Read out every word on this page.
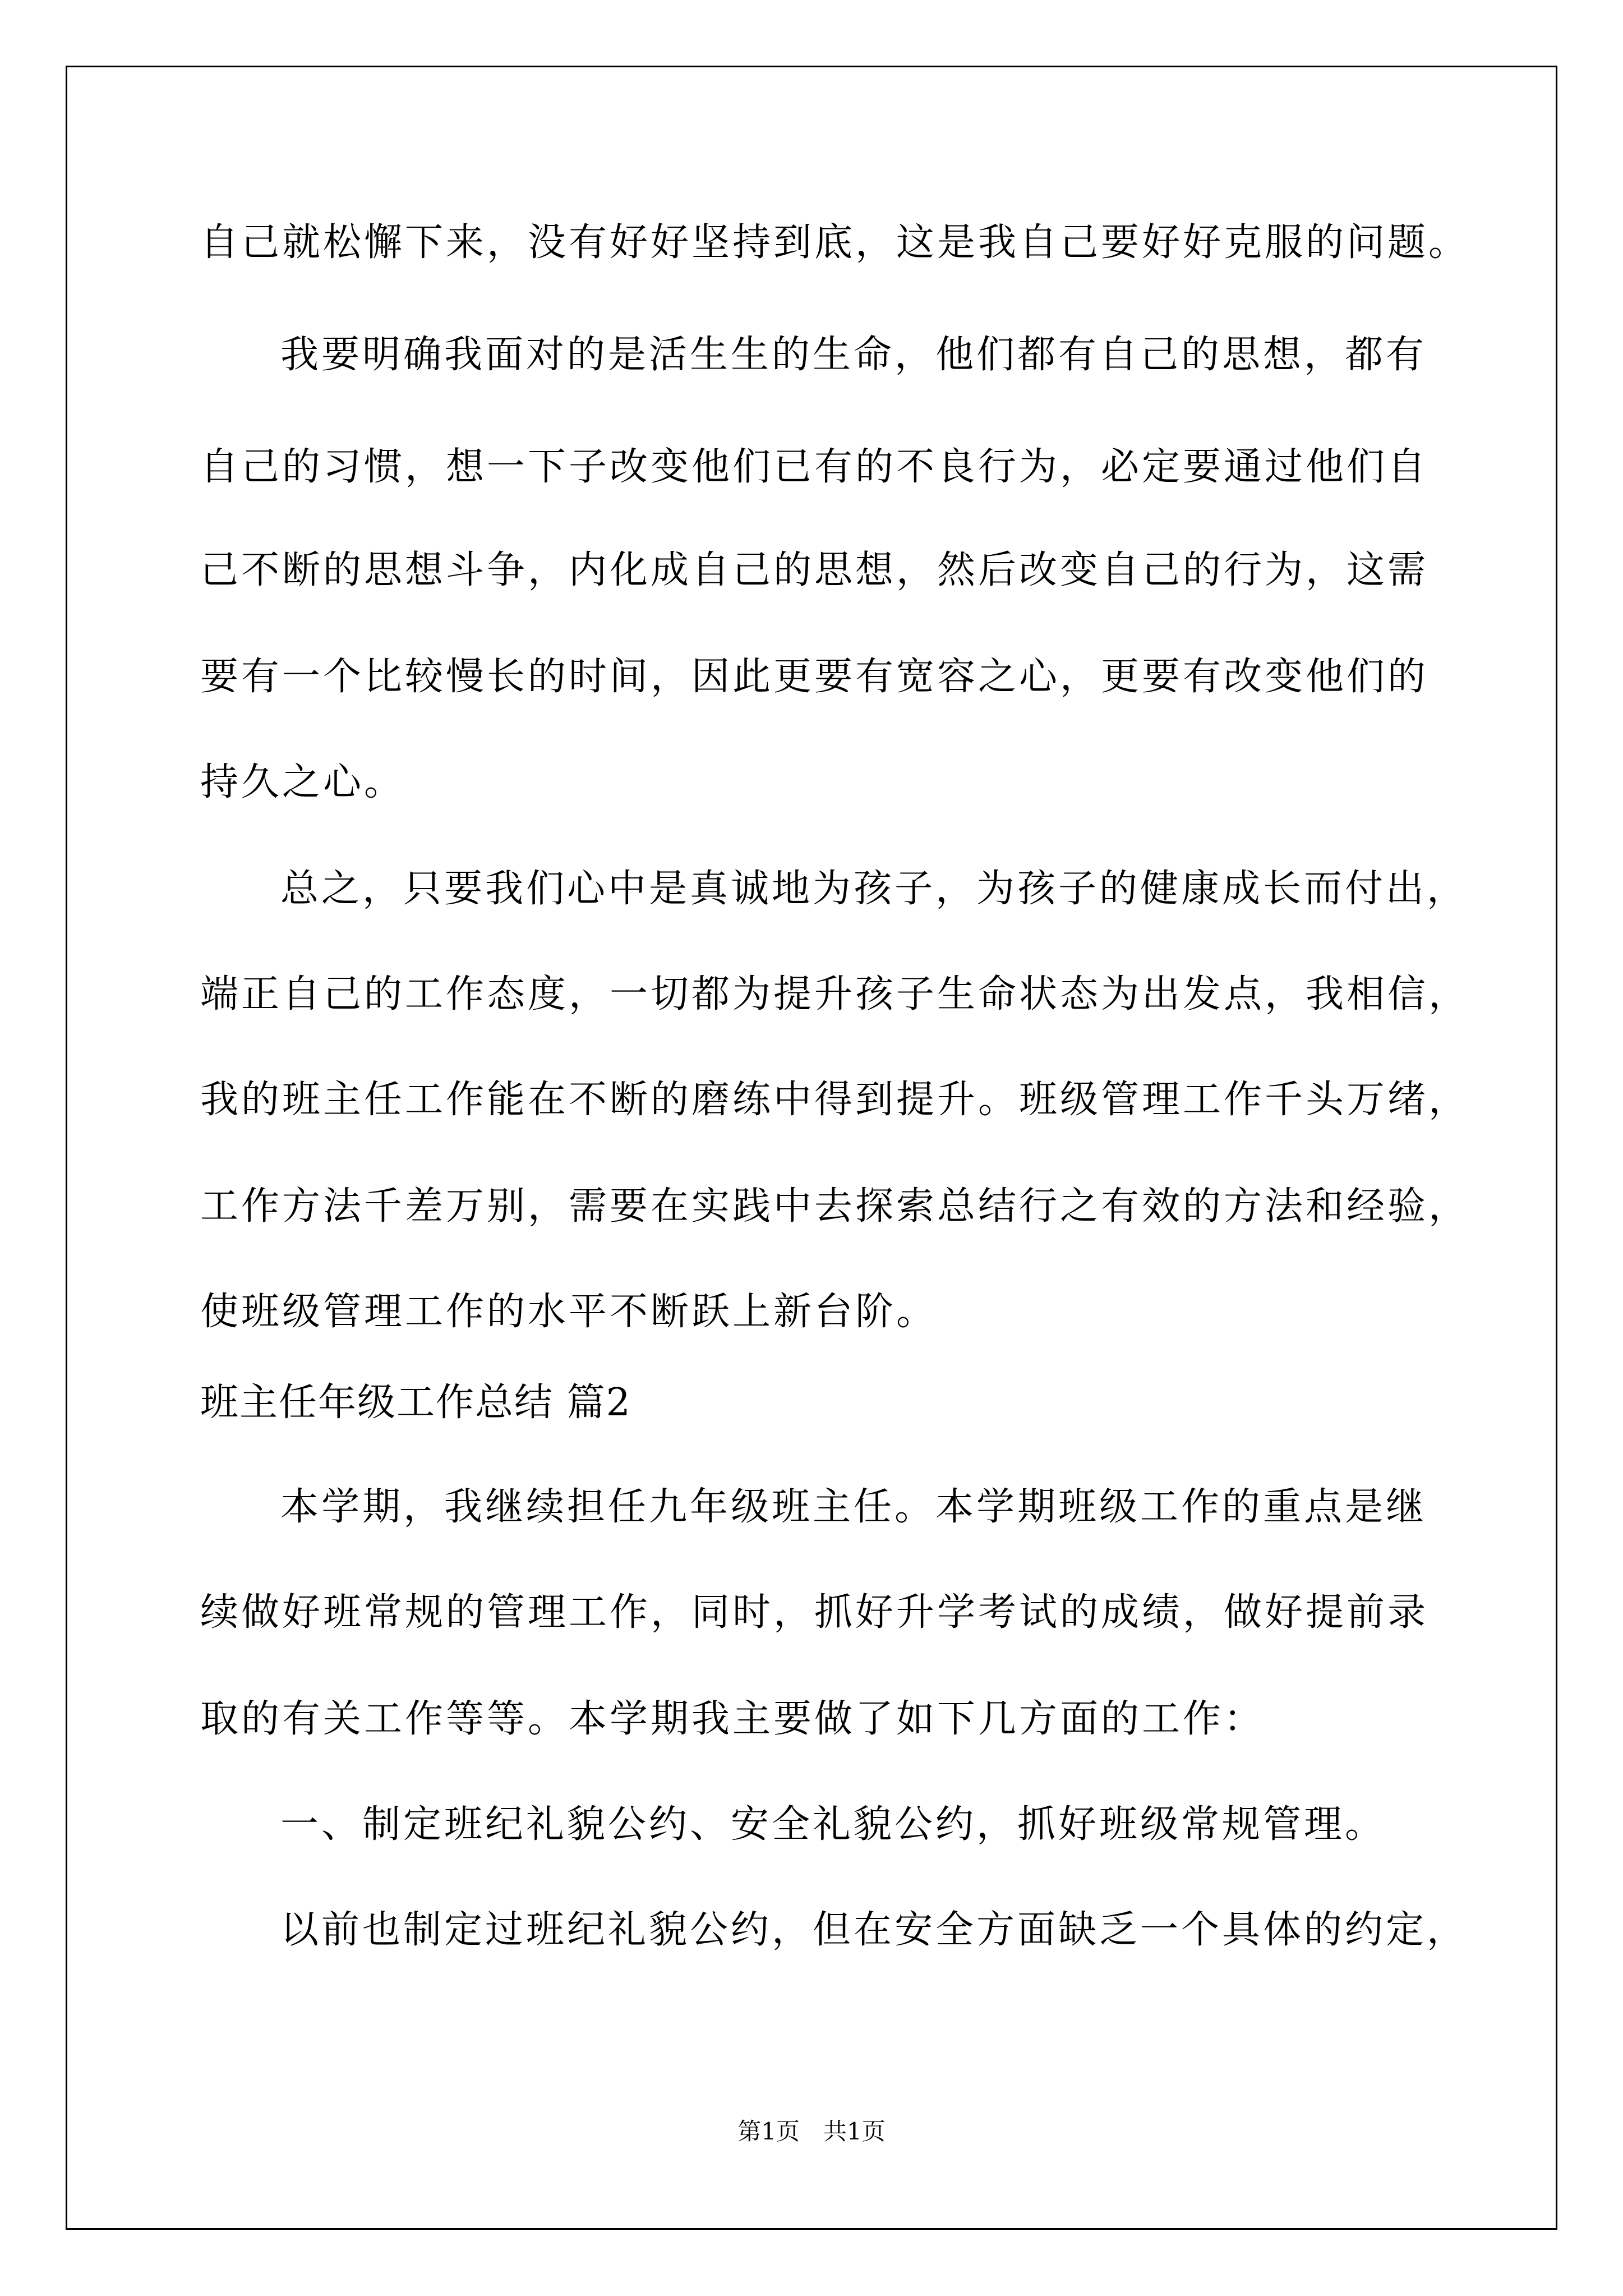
自己就松懈下来，没有好好坚持到底，这是我自己要好好克服的问题。
我要明确我面对的是活生生的生命，他们都有自己的思想，都有
自己的习惯，想一下子改变他们已有的不良行为，必定要通过他们自
己不断的思想斗争，内化成自己的思想，然后改变自己的行为，这需
要有一个比较慢长的时间，因此更要有宽容之心，更要有改变他们的
持久之心。
总之，只要我们心中是真诚地为孩子，为孩子的健康成长而付出，
端正自己的工作态度，一切都为提升孩子生命状态为出发点，我相信，
我的班主任工作能在不断的磨练中得到提升。班级管理工作千头万绪，
工作方法千差万别，需要在实践中去探索总结行之有效的方法和经验，
使班级管理工作的水平不断跃上新台阶。
班主任年级工作总结 篇2
本学期，我继续担任九年级班主任。本学期班级工作的重点是继
续做好班常规的管理工作，同时，抓好升学考试的成绩，做好提前录
取的有关工作等等。本学期我主要做了如下几方面的工作：
一、制定班纪礼貌公约、安全礼貌公约，抓好班级常规管理。
以前也制定过班纪礼貌公约，但在安全方面缺乏一个具体的约定，
第1页　共1页
